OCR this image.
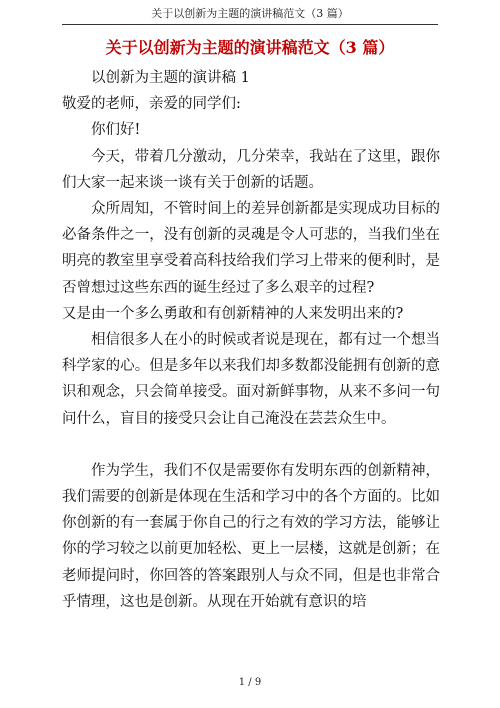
关于以创新为主题的演讲稿范文（3 篇）
关于以创新为主题的演讲稿范文（3 篇）

以创新为主题的演讲稿 1

敬爱的老师，亲爱的同学们:

你们好!

今天，带着几分激动，几分荣幸，我站在了这里，跟你们大家一起来谈一谈有关于创新的话题。

众所周知，不管时间上的差异创新都是实现成功目标的必备条件之一，没有创新的灵魂是令人可悲的，当我们坐在明亮的教室里享受着高科技给我们学习上带来的便利时，是否曾想过这些东西的诞生经过了多么艰辛的过程?

又是由一个多么勇敢和有创新精神的人来发明出来的?

相信很多人在小的时候或者说是现在，都有过一个想当科学家的心。但是多年以来我们却多数都没能拥有创新的意识和观念，只会简单接受。面对新鲜事物，从来不多问一句问什么，盲目的接受只会让自己淹没在芸芸众生中。

作为学生，我们不仅是需要你有发明东西的创新精神，我们需要的创新是体现在生活和学习中的各个方面的。比如你创新的有一套属于你自己的行之有效的学习方法，能够让你的学习较之以前更加轻松、更上一层楼，这就是创新；在老师提问时，你回答的答案跟别人与众不同，但是也非常合乎情理，这也是创新。从现在开始就有意识的培

1 / 9
